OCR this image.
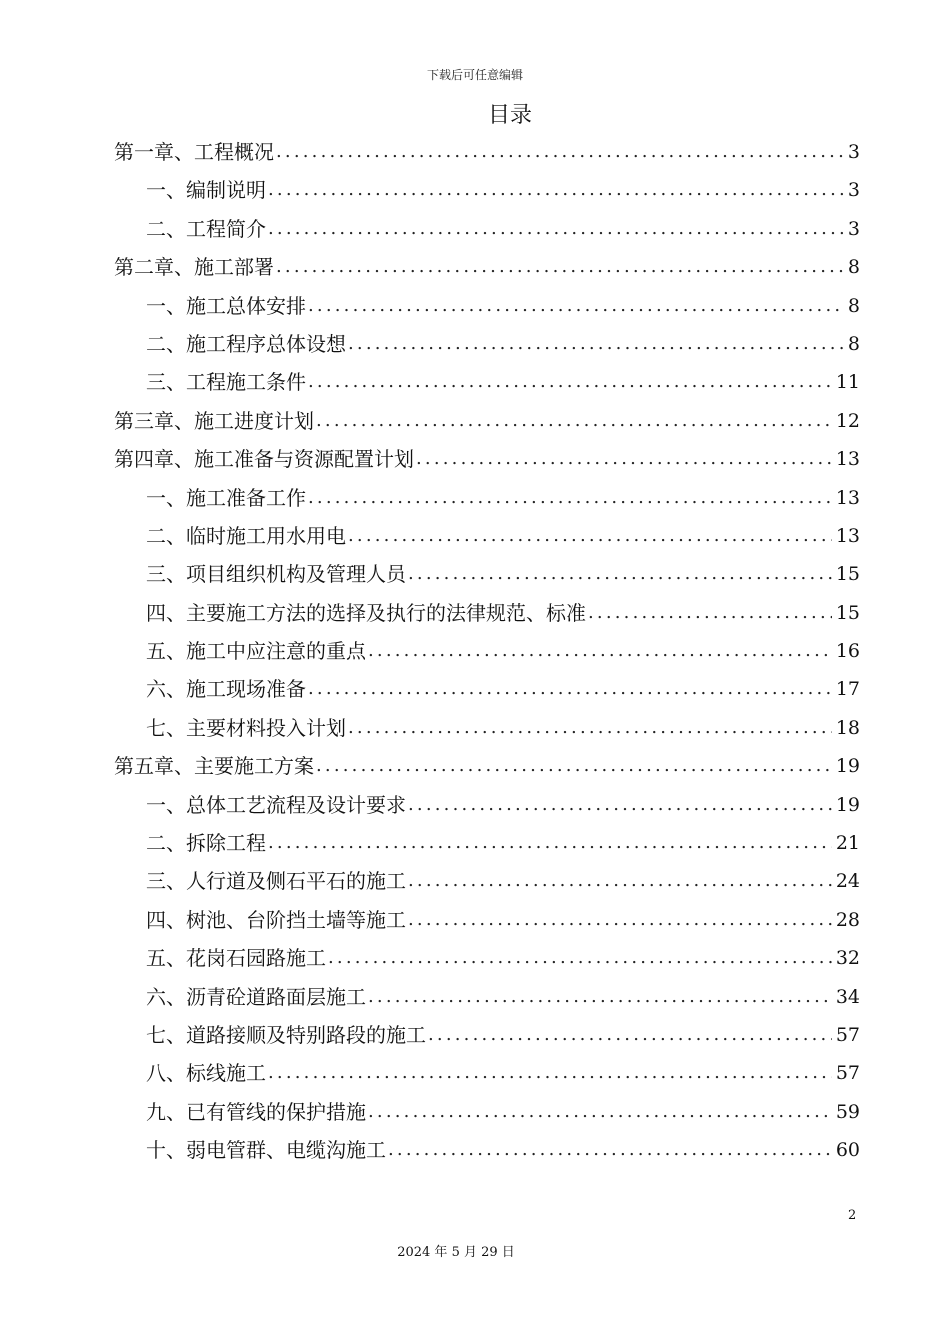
下载后可任意编辑
目录
第一章、工程概况 .....	3
一、编制说明 .....	3
二、工程简介 .....	3
第二章、施工部署 .....	8
一、施工总体安排 .....	8
二、施工程序总体设想 .....	8
三、工程施工条件 .....	11
第三章、施工进度计划 .....	12
第四章、施工准备与资源配置计划 .....	13
一、施工准备工作 .....	13
二、临时施工用水用电 .....	13
三、项目组织机构及管理人员 .....	15
四、主要施工方法的选择及执行的法律规范、标准 .....	15
五、施工中应注意的重点 .....	16
六、施工现场准备 .....	17
七、主要材料投入计划 .....	18
第五章、主要施工方案 .....	19
一、总体工艺流程及设计要求 .....	19
二、拆除工程 .....	21
三、人行道及侧石平石的施工 .....	24
四、树池、台阶挡土墙等施工 .....	28
五、花岗石园路施工 .....	32
六、沥青砼道路面层施工 .....	34
七、道路接顺及特别路段的施工 .....	57
八、标线施工 .....	57
九、已有管线的保护措施 .....	59
十、弱电管群、电缆沟施工 .....	60
2
2024 年 5 月 29 日
